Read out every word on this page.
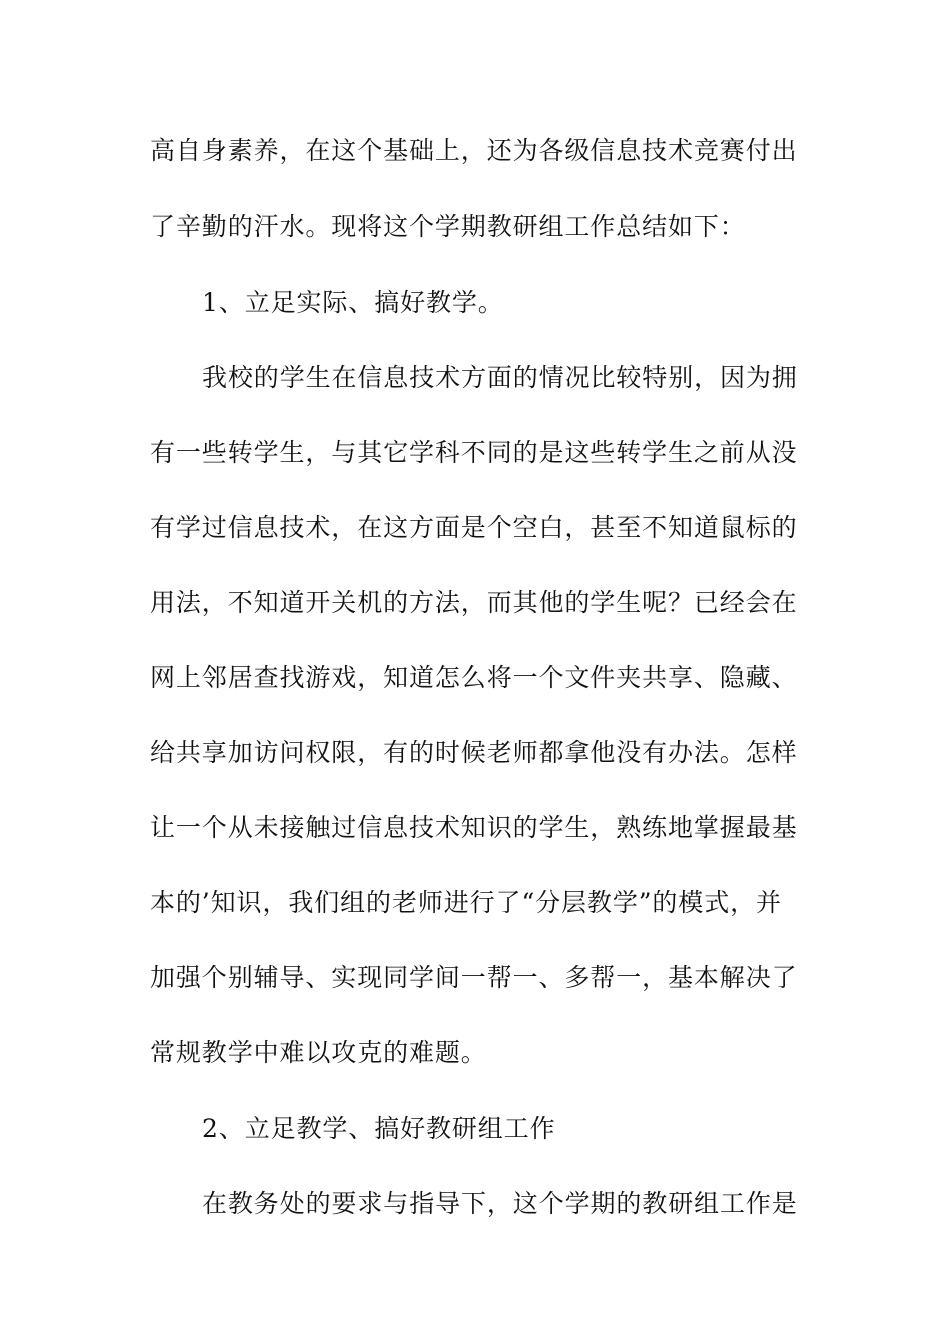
高自身素养，在这个基础上，还为各级信息技术竞赛付出
了辛勤的汗水。现将这个学期教研组工作总结如下：
1、立足实际、搞好教学。
我校的学生在信息技术方面的情况比较特别，因为拥
有一些转学生，与其它学科不同的是这些转学生之前从没
有学过信息技术，在这方面是个空白，甚至不知道鼠标的
用法，不知道开关机的方法，而其他的学生呢？已经会在
网上邻居查找游戏，知道怎么将一个文件夹共享、隐藏、
给共享加访问权限，有的时候老师都拿他没有办法。怎样
让一个从未接触过信息技术知识的学生，熟练地掌握最基
本的’知识，我们组的老师进行了“分层教学”的模式，并
加强个别辅导、实现同学间一帮一、多帮一，基本解决了
常规教学中难以攻克的难题。
2、立足教学、搞好教研组工作
在教务处的要求与指导下，这个学期的教研组工作是
